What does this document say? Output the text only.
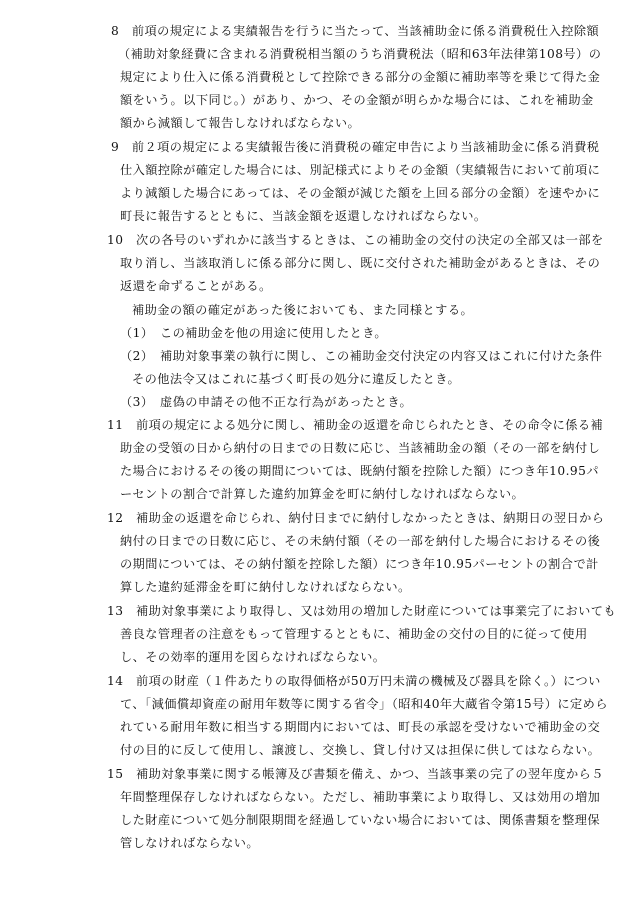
8　前項の規定による実績報告を行うに当たって、当該補助金に係る消費税仕入控除額
（補助対象経費に含まれる消費税相当額のうち消費税法（昭和63年法律第108号）の
規定により仕入に係る消費税として控除できる部分の金額に補助率等を乗じて得た金
額をいう。以下同じ。）があり、かつ、その金額が明らかな場合には、これを補助金
額から減額して報告しなければならない。
9　前２項の規定による実績報告後に消費税の確定申告により当該補助金に係る消費税
仕入額控除が確定した場合には、別記様式によりその金額（実績報告において前項に
より減額した場合にあっては、その金額が減じた額を上回る部分の金額）を速やかに
町長に報告するとともに、当該金額を返還しなければならない。
10　次の各号のいずれかに該当するときは、この補助金の交付の決定の全部又は一部を
取り消し、当該取消しに係る部分に関し、既に交付された補助金があるときは、その
返還を命ずることがある。
補助金の額の確定があった後においても、また同様とする。
（1）　この補助金を他の用途に使用したとき。
（2）　補助対象事業の執行に関し、この補助金交付決定の内容又はこれに付けた条件
その他法令又はこれに基づく町長の処分に違反したとき。
（3）　虚偽の申請その他不正な行為があったとき。
11　前項の規定による処分に関し、補助金の返還を命じられたとき、その命令に係る補
助金の受領の日から納付の日までの日数に応じ、当該補助金の額（その一部を納付し
た場合におけるその後の期間については、既納付額を控除した額）につき年10.95パ
ーセントの割合で計算した違約加算金を町に納付しなければならない。
12　補助金の返還を命じられ、納付日までに納付しなかったときは、納期日の翌日から
納付の日までの日数に応じ、その未納付額（その一部を納付した場合におけるその後
の期間については、その納付額を控除した額）につき年10.95パーセントの割合で計
算した違約延滞金を町に納付しなければならない。
13　補助対象事業により取得し、又は効用の増加した財産については事業完了においても
善良な管理者の注意をもって管理するとともに、補助金の交付の目的に従って使用
し、その効率的運用を図らなければならない。
14　前項の財産（１件あたりの取得価格が50万円未満の機械及び器具を除く。）につい
て、「減価償却資産の耐用年数等に関する省令」（昭和40年大蔵省令第15号）に定めら
れている耐用年数に相当する期間内においては、町長の承認を受けないで補助金の交
付の目的に反して使用し、譲渡し、交換し、貸し付け又は担保に供してはならない。
15　補助対象事業に関する帳簿及び書類を備え、かつ、当該事業の完了の翌年度から５
年間整理保存しなければならない。ただし、補助事業により取得し、又は効用の増加
した財産について処分制限期間を経過していない場合においては、関係書類を整理保
管しなければならない。
